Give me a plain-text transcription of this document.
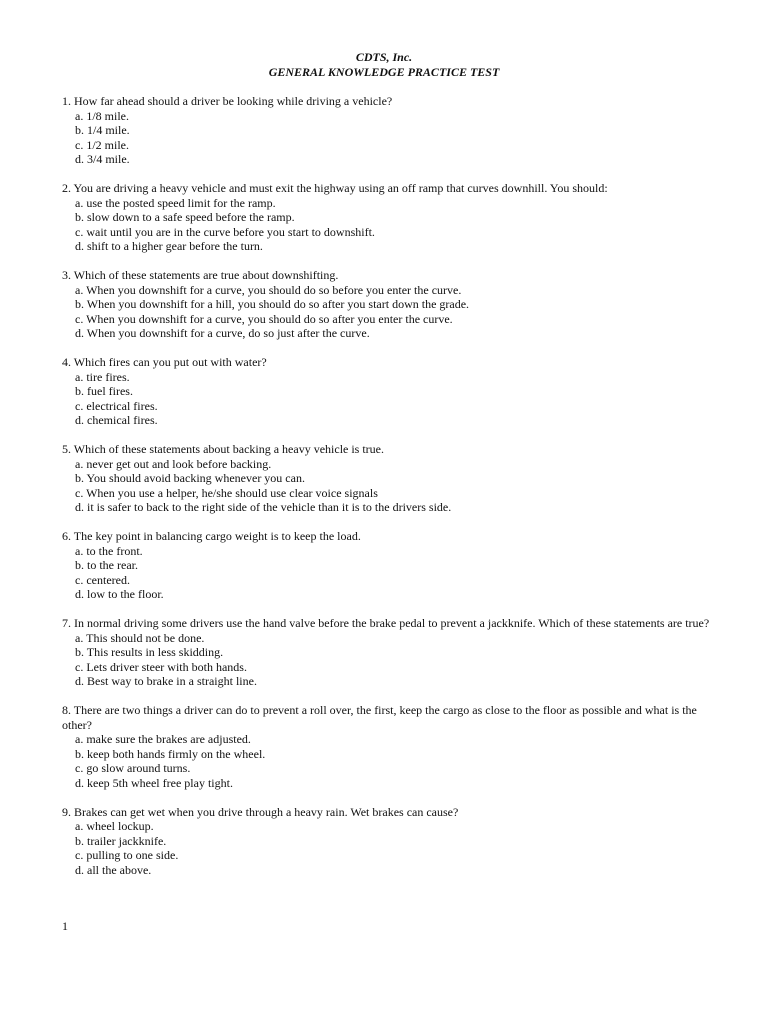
CDTS, Inc.
GENERAL KNOWLEDGE PRACTICE TEST
1. How far ahead should a driver be looking while driving a vehicle?
a. 1/8 mile.
b. 1/4 mile.
c. 1/2 mile.
d. 3/4 mile.
2. You are driving a heavy vehicle and must exit the highway using an off ramp that curves downhill. You should:
a. use the posted speed limit for the ramp.
b. slow down to a safe speed before the ramp.
c. wait until you are in the curve before you start to downshift.
d. shift to a higher gear before the turn.
3. Which of these statements are true about downshifting.
a. When you downshift for a curve, you should do so before you enter the curve.
b. When you downshift for a hill, you should do so after you start down the grade.
c. When you downshift for a curve, you should do so after you enter the curve.
d. When you downshift for a curve, do so just after the curve.
4. Which fires can you put out with water?
a. tire fires.
b. fuel fires.
c. electrical fires.
d. chemical fires.
5. Which of these statements about backing a heavy vehicle is true.
a. never get out and look before backing.
b. You should avoid backing whenever you can.
c. When you use a helper, he/she should use clear voice signals
d. it is safer to back to the right side of the vehicle than it is to the drivers side.
6. The key point in balancing cargo weight is to keep the load.
a. to the front.
b. to the rear.
c. centered.
d. low to the floor.
7. In normal driving some drivers use the hand valve before the brake pedal to prevent a jackknife. Which of these statements are true?
a. This should not be done.
b. This results in less skidding.
c. Lets driver steer with both hands.
d. Best way to brake in a straight line.
8. There are two things a driver can do to prevent a roll over, the first, keep the cargo as close to the floor as possible and what is the other?
a. make sure the brakes are adjusted.
b. keep both hands firmly on the wheel.
c. go slow around turns.
d. keep 5th wheel free play tight.
9. Brakes can get wet when you drive through a heavy rain. Wet brakes can cause?
a. wheel lockup.
b. trailer jackknife.
c. pulling to one side.
d. all the above.
1
